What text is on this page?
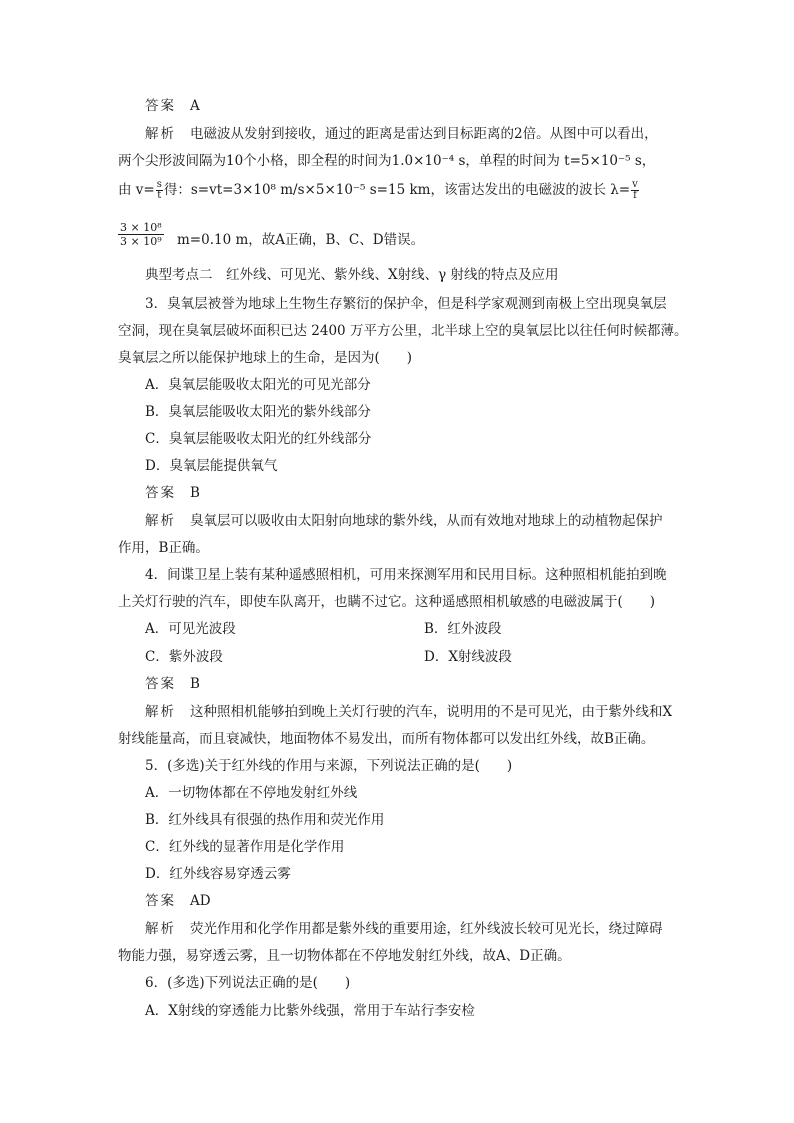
答案 A
解析 电磁波从发射到接收，通过的距离是雷达到目标距离的2倍。从图中可以看出，
两个尖形波间隔为10个小格，即全程的时间为1.0×10⁻⁴ s，单程的时间为 t=5×10⁻⁵ s，
由 $v= \frac{s}{t}$ 得：s=vt=3×10⁸ m/s×5×10⁻⁵ s=15 km，该雷达发出的电磁波的波长 $\lambda= \frac{v}{f}$
$\frac{\text{3 × 10⁸}}{\text{3 × 10⁹}} m=0.10$ m，故A正确，B、C、D错误。
典型考点二　红外线、可见光、紫外线、X射线、γ 射线的特点及应用
3．臭氧层被誉为地球上生物生存繁衍的保护伞，但是科学家观测到南极上空出现臭氧层
空洞，现在臭氧层破坏面积已达 2400 万平方公里，北半球上空的臭氧层比以往任何时候都薄。
臭氧层之所以能保护地球上的生命，是因为(　　)
A．臭氧层能吸收太阳光的可见光部分
B．臭氧层能吸收太阳光的紫外线部分
C．臭氧层能吸收太阳光的红外线部分
D．臭氧层能提供氧气
答案 B
解析 臭氧层可以吸收由太阳射向地球的紫外线，从而有效地对地球上的动植物起保护
作用，B正确。
4．间谍卫星上装有某种遥感照相机，可用来探测军用和民用目标。这种照相机能拍到晚
上关灯行驶的汽车，即使车队离开，也瞒不过它。这种遥感照相机敏感的电磁波属于(　　)
A．可见光波段	B．红外波段
C．紫外波段	D．X射线波段
答案 B
解析 这种照相机能够拍到晚上关灯行驶的汽车，说明用的不是可见光，由于紫外线和X
射线能量高，而且衰减快，地面物体不易发出，而所有物体都可以发出红外线，故B正确。
5．(多选)关于红外线的作用与来源，下列说法正确的是(　　)
A．一切物体都在不停地发射红外线
B．红外线具有很强的热作用和荧光作用
C．红外线的显著作用是化学作用
D．红外线容易穿透云雾
答案 AD
解析 荧光作用和化学作用都是紫外线的重要用途，红外线波长较可见光长，绕过障碍
物能力强，易穿透云雾，且一切物体都在不停地发射红外线，故A、D正确。
6．(多选)下列说法正确的是(　　)
A．X射线的穿透能力比紫外线强，常用于车站行李安检
